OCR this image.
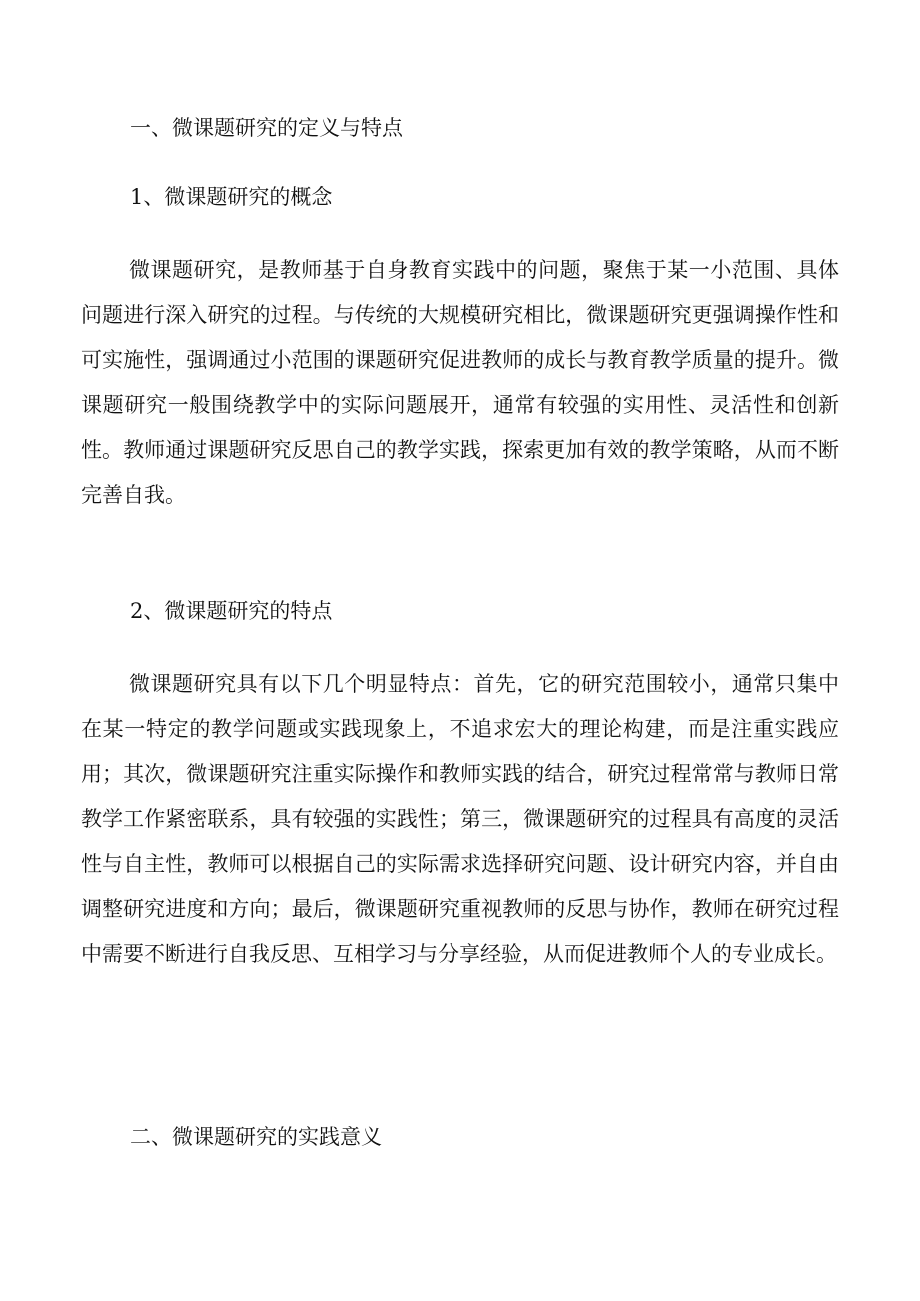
一、微课题研究的定义与特点
1、微课题研究的概念

微课题研究，是教师基于自身教育实践中的问题，聚焦于某一小范围、具体问题进行深入研究的过程。与传统的大规模研究相比，微课题研究更强调操作性和可实施性，强调通过小范围的课题研究促进教师的成长与教育教学质量的提升。微课题研究一般围绕教学中的实际问题展开，通常有较强的实用性、灵活性和创新性。教师通过课题研究反思自己的教学实践，探索更加有效的教学策略，从而不断完善自我。

2、微课题研究的特点

微课题研究具有以下几个明显特点：首先，它的研究范围较小，通常只集中在某一特定的教学问题或实践现象上，不追求宏大的理论构建，而是注重实践应用；其次，微课题研究注重实际操作和教师实践的结合，研究过程常常与教师日常教学工作紧密联系，具有较强的实践性；第三，微课题研究的过程具有高度的灵活性与自主性，教师可以根据自己的实际需求选择研究问题、设计研究内容，并自由调整研究进度和方向；最后，微课题研究重视教师的反思与协作，教师在研究过程中需要不断进行自我反思、互相学习与分享经验，从而促进教师个人的专业成长。

二、微课题研究的实践意义
